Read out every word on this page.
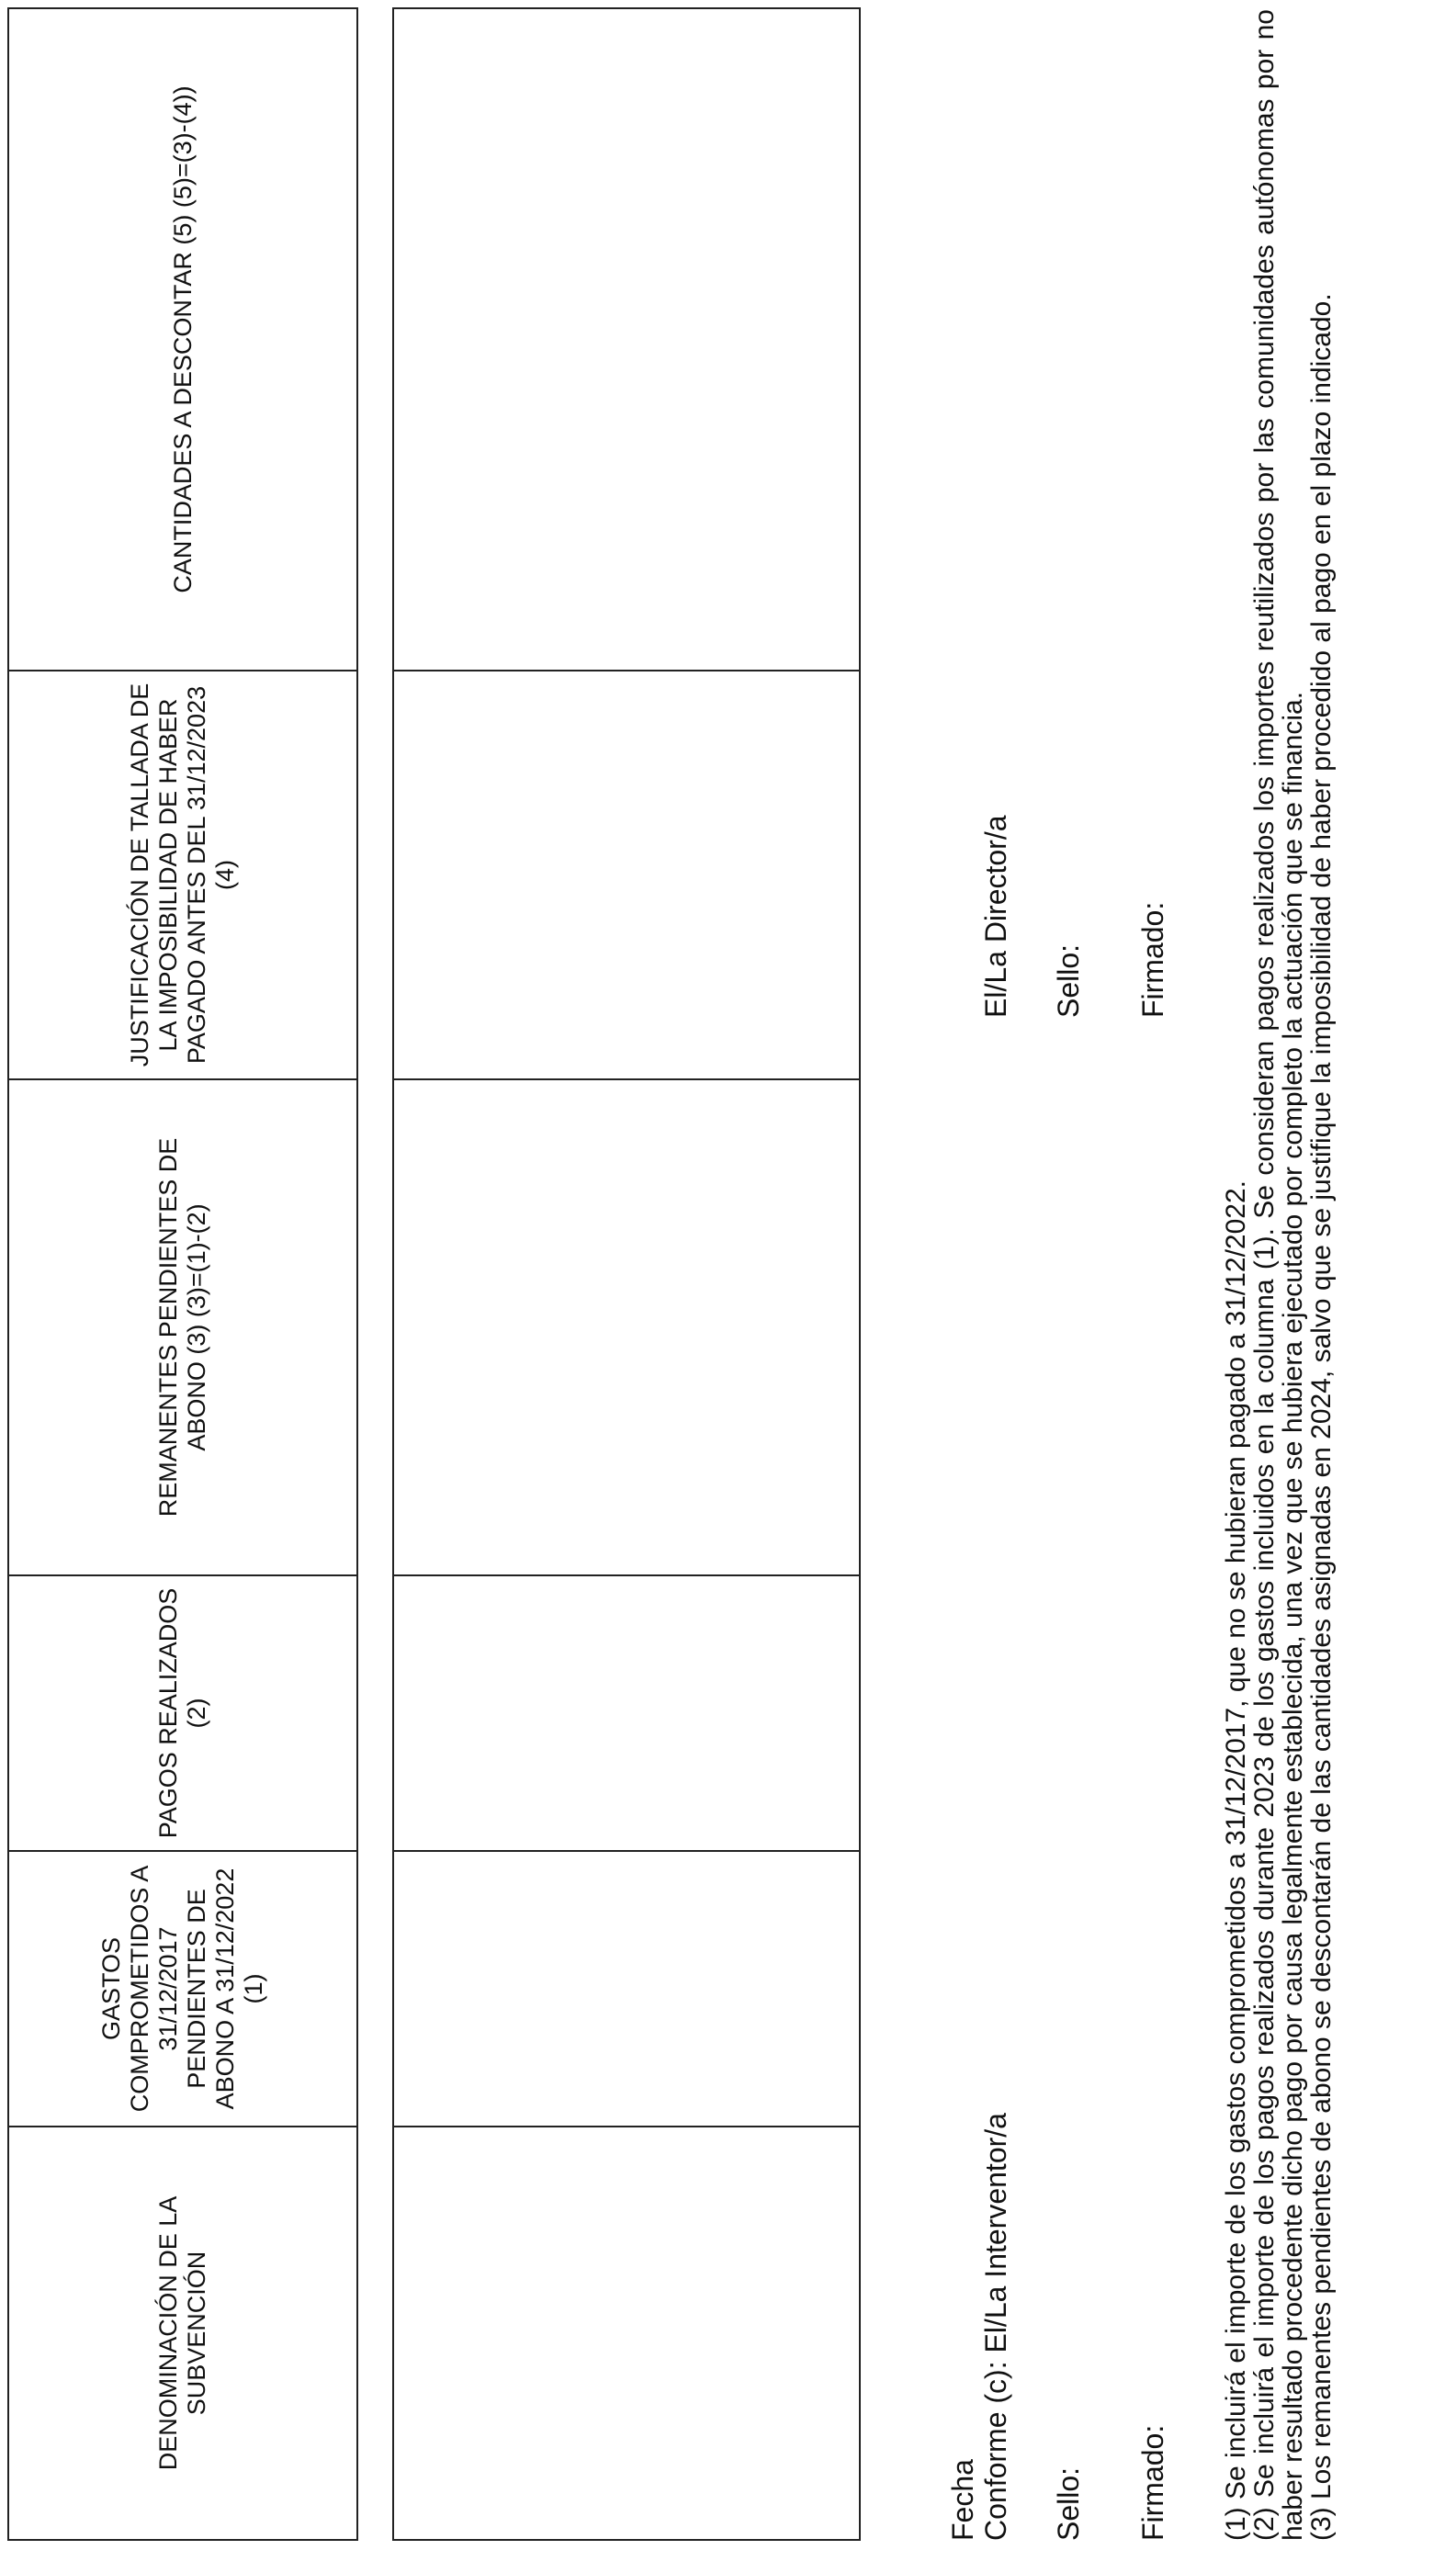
DENOMINACIÓN DE LA SUBVENCIÓN	GASTOS COMPROMETIDOS A 31/12/2017 PENDIENTES DE ABONO A 31/12/2022 (1)	PAGOS REALIZADOS (2)	REMANENTES PENDIENTES DE ABONO (3) (3)=(1)-(2)	JUSTIFICACIÓN DE TALLADA DE LA IMPOSIBILIDAD DE HABER PAGADO ANTES DEL 31/12/2023 (4)	CANTIDADES A DESCONTAR (5) (5)=(3)-(4))

Fecha Conforme (c): El/La Interventor/a Sello: Firmado:
El/La Director/a Sello: Firmado:

(1) Se incluirá el importe de los gastos comprometidos a 31/12/2017, que no se hubieran pagado a 31/12/2022.

(2) Se incluirá el importe de los pagos realizados durante 2023 de los gastos incluidos en la columna (1). Se consideran pagos realizados los importes reutilizados por las comunidades autónomas por no haber resultado procedente dicho pago por causa legalmente establecida, una vez que se hubiera ejecutado por completo la actuación que se financia.

(3) Los remanentes pendientes de abono se descontarán de las cantidades asignadas en 2024, salvo que se justifique la imposibilidad de haber procedido al pago en el plazo indicado.
